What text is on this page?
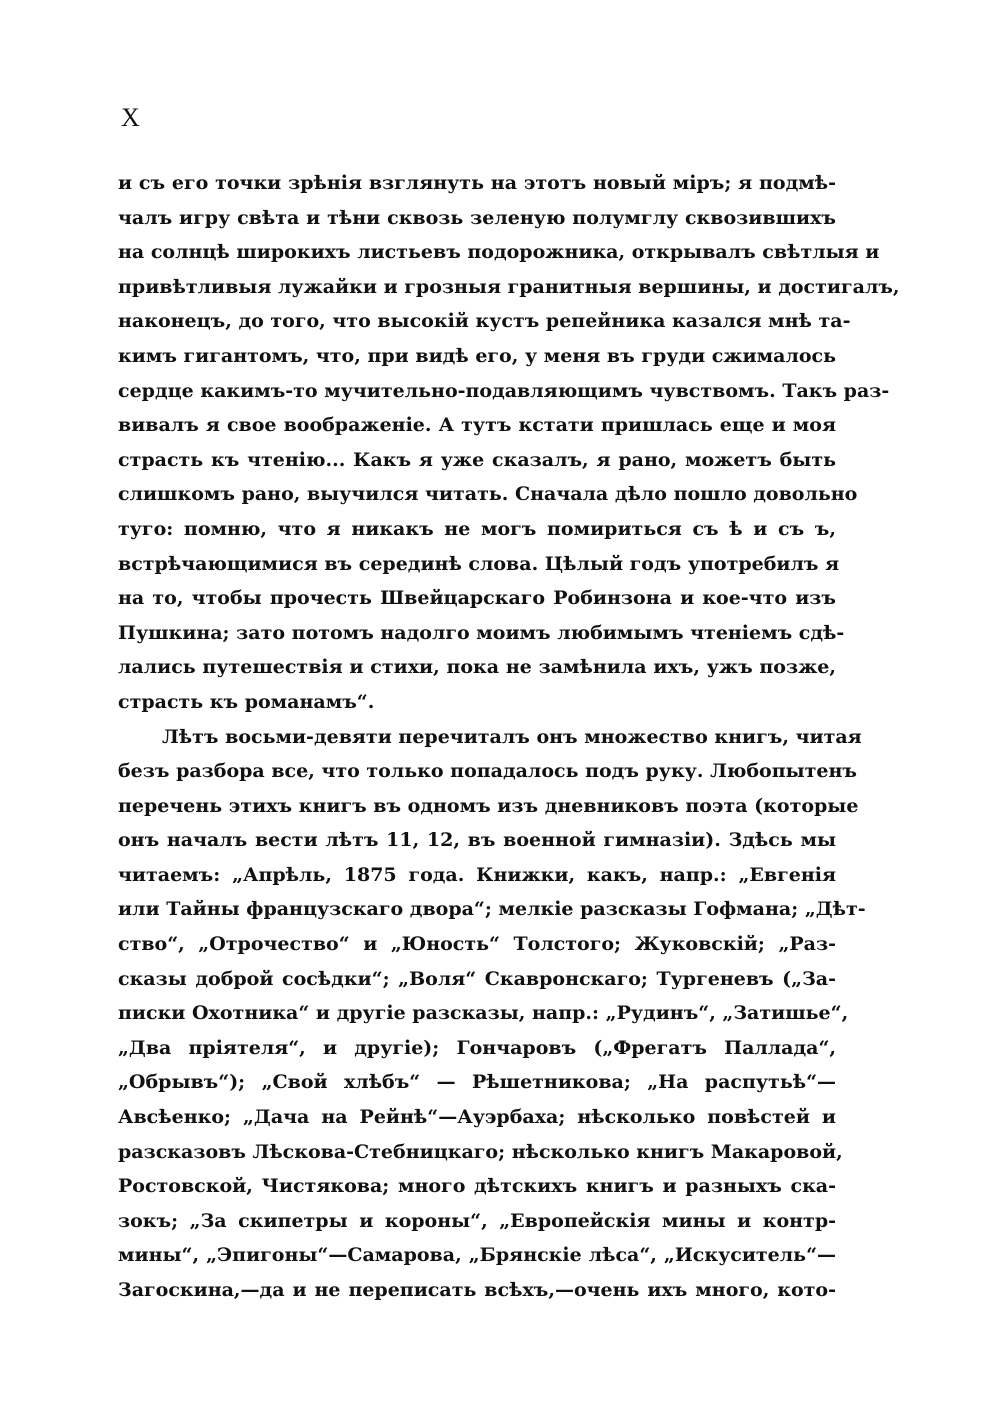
X
и съ его точки зрѣнія взглянуть на этотъ новый міръ; я подмѣ-
чалъ игру свѣта и тѣни сквозь зеленую полумглу сквозившихъ
на солнцѣ широкихъ листьевъ подорожника, открывалъ свѣтлыя и
привѣтливыя лужайки и грозныя гранитныя вершины, и достигалъ,
наконецъ, до того, что высокій кустъ репейника казался мнѣ та-
кимъ гигантомъ, что, при видѣ его, у меня въ груди сжималось
сердце какимъ-то мучительно-подавляющимъ чувствомъ. Такъ раз-
вивалъ я свое воображеніе. А тутъ кстати пришлась еще и моя
страсть къ чтенію... Какъ я уже сказалъ, я рано, можетъ быть
слишкомъ рано, выучился читать. Сначала дѣло пошло довольно
туго: помню, что я никакъ не могъ помириться съ ѣ и съ ъ,
встрѣчающимися въ серединѣ слова. Цѣлый годъ употребилъ я
на то, чтобы прочесть Швейцарскаго Робинзона и кое-что изъ
Пушкина; зато потомъ надолго моимъ любимымъ чтеніемъ сдѣ-
лались путешествія и стихи, пока не замѣнила ихъ, ужъ позже,
страсть къ романамъ“.
Лѣтъ восьми-девяти перечиталъ онъ множество книгъ, читая
безъ разбора все, что только попадалось подъ руку. Любопытенъ
перечень этихъ книгъ въ одномъ изъ дневниковъ поэта (которые
онъ началъ вести лѣтъ 11, 12, въ военной гимназіи). Здѣсь мы
читаемъ: „Апрѣль, 1875 года. Книжки, какъ, напр.: „Евгенія
или Тайны французскаго двора“; мелкіе разсказы Гофмана; „Дѣт-
ство“, „Отрочество“ и „Юность“ Толстого; Жуковскій; „Раз-
сказы доброй сосѣдки“; „Воля“ Скавронскаго; Тургеневъ („За-
писки Охотника“ и другіе разсказы, напр.: „Рудинъ“, „Затишье“,
„Два пріятеля“, и другіе); Гончаровъ („Фрегатъ Паллада“,
„Обрывъ“); „Свой хлѣбъ“ — Рѣшетникова; „На распутьѣ“—
Авсѣенко; „Дача на Рейнѣ“—Ауэрбаха; нѣсколько повѣстей и
разсказовъ Лѣскова-Стебницкаго; нѣсколько книгъ Макаровой,
Ростовской, Чистякова; много дѣтскихъ книгъ и разныхъ ска-
зокъ; „За скипетры и короны“, „Европейскія мины и контр-
мины“, „Эпигоны“—Самарова, „Брянскіе лѣса“, „Искуситель“—
Загоскина,—да и не переписать всѣхъ,—очень ихъ много, кото-
